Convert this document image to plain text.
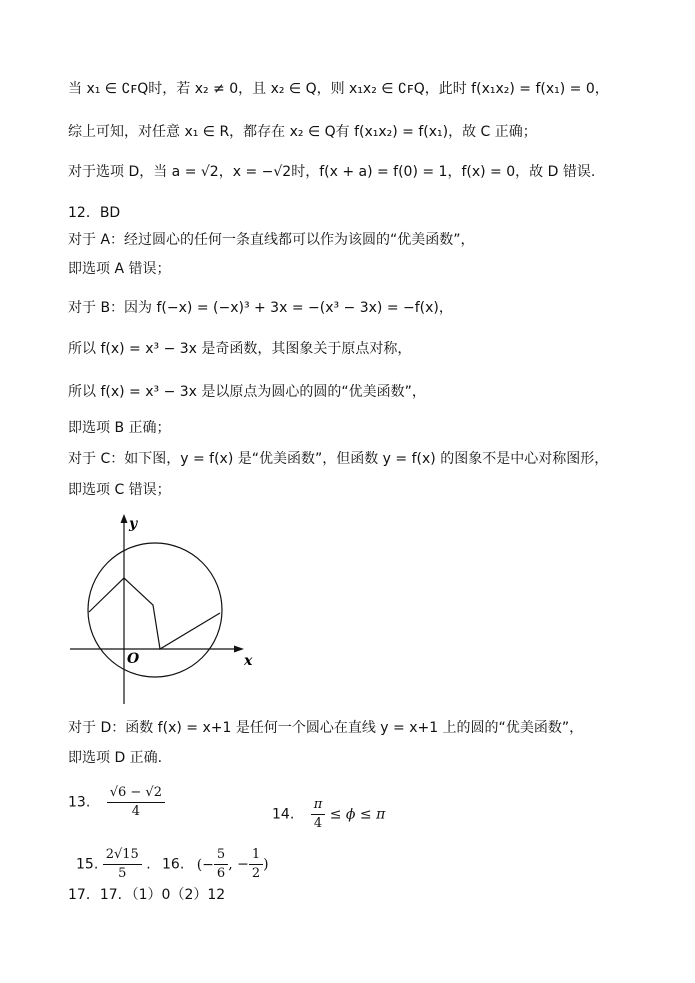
当 x₁ ∈ ∁ꜰQ时，若 x₂ ≠ 0，且 x₂ ∈ Q，则 x₁x₂ ∈ ∁ꜰQ，此时 f(x₁x₂) = f(x₁) = 0，
综上可知，对任意 x₁ ∈ R，都存在 x₂ ∈ Q有 f(x₁x₂) = f(x₁)，故 C 正确；
对于选项 D，当 a = √2，x = −√2时，f(x + a) = f(0) = 1，f(x) = 0，故 D 错误.
12．BD
对于 A：经过圆心的任何一条直线都可以作为该圆的“优美函数”，
即选项 A 错误；
对于 B：因为 f(−x) = (−x)³ + 3x = −(x³ − 3x) = −f(x)，
所以 f(x) = x³ − 3x 是奇函数，其图象关于原点对称，
所以 f(x) = x³ − 3x 是以原点为圆心的圆的“优美函数”，
即选项 B 正确；
对于 C：如下图，y = f(x) 是“优美函数”，但函数 y = f(x) 的图象不是中心对称图形，
即选项 C 错误；
y
x
O
对于 D：函数 f(x) = x+1 是任何一个圆心在直线 y = x+1 上的圆的“优美函数”，
即选项 D 正确.
13. $\frac{√6 - √2}{4}$	14. $\frac{\pi}{4} \le \phi \le \pi$
15. $\frac{2√15}{5}$ . 16. (− $\frac{5}{6}$ , − $\frac{1}{2}$ )
17．17．（1）0（2）12
